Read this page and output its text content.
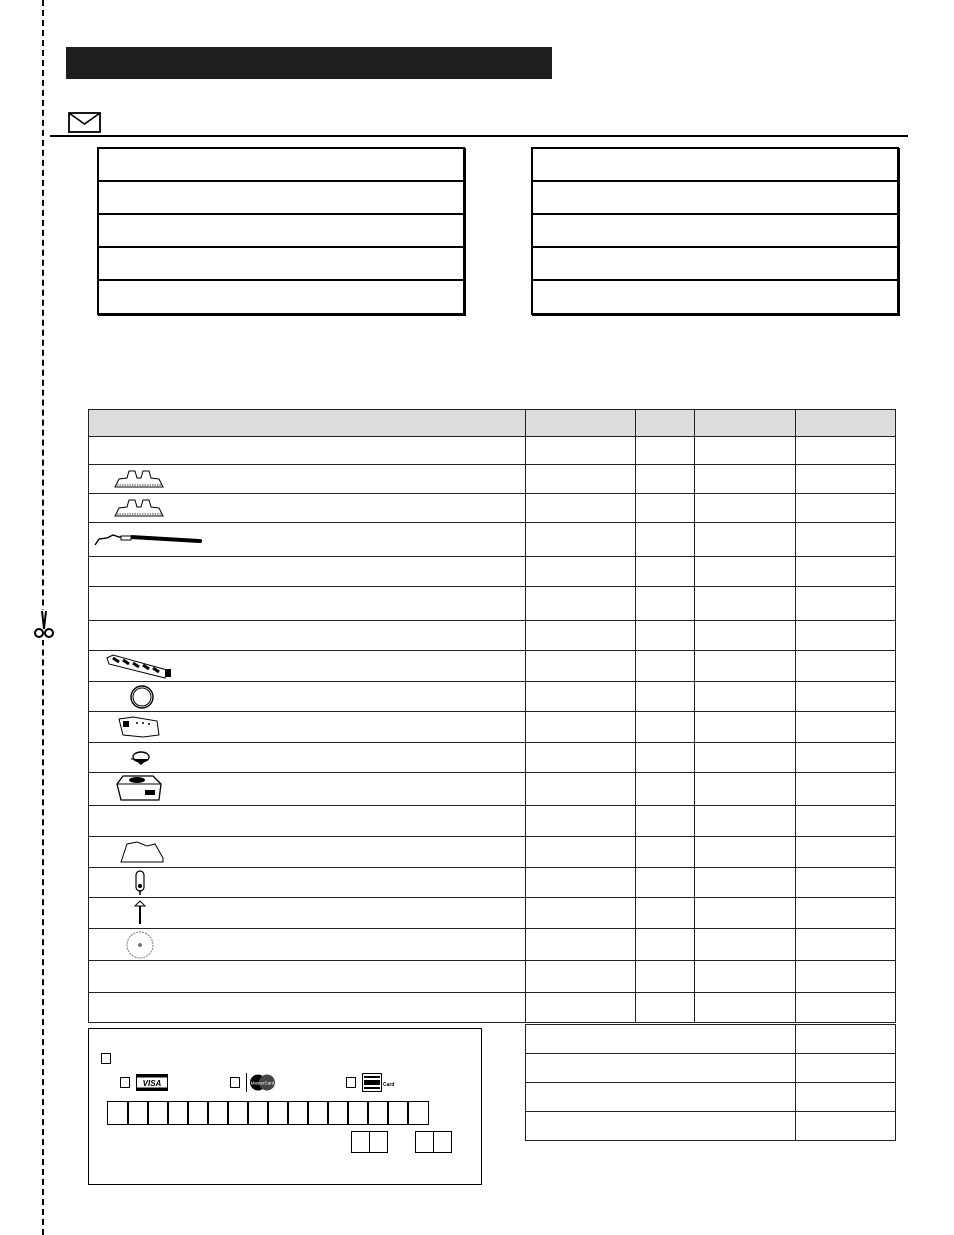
VISA	MasterCard	Card
